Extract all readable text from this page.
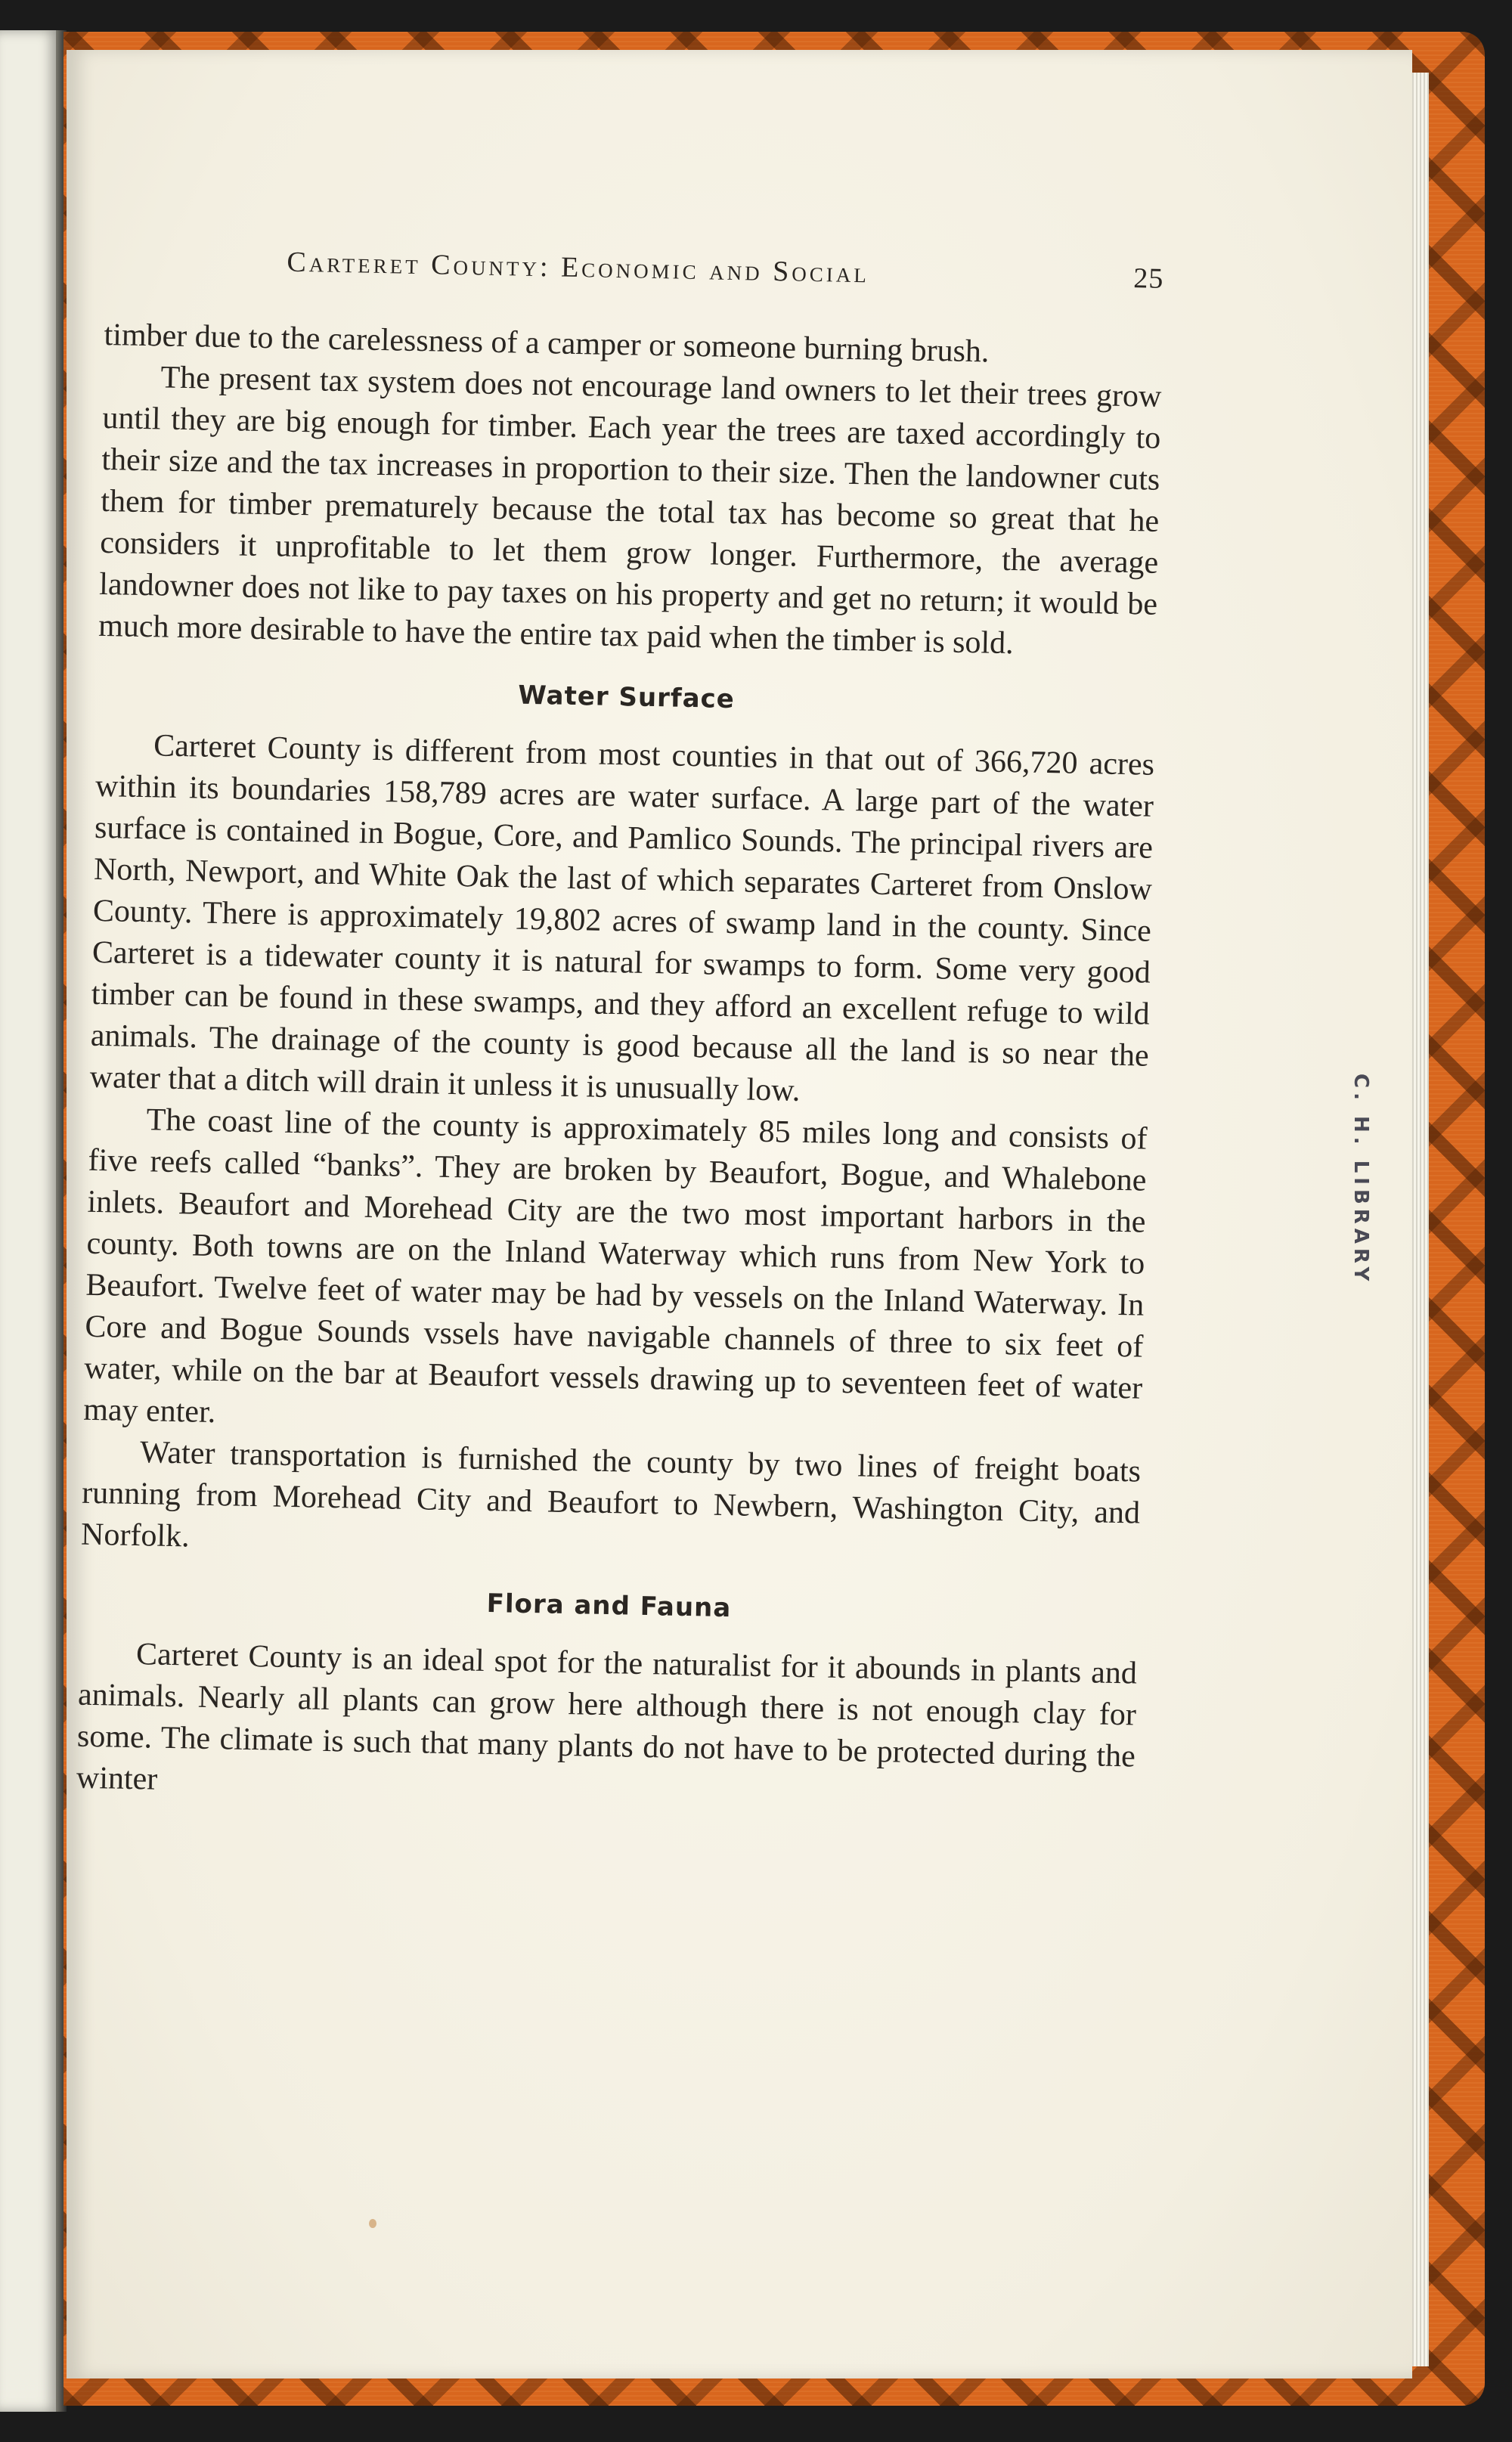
C. H. LIBRARY
Carteret County: Economic and Social	25

timber due to the carelessness of a camper or someone burning brush.

The present tax system does not encourage land owners to let their trees grow until they are big enough for timber. Each year the trees are taxed accordingly to their size and the tax increases in proportion to their size. Then the landowner cuts them for timber prematurely because the total tax has become so great that he considers it unprofitable to let them grow longer. Furthermore, the average landowner does not like to pay taxes on his property and get no return; it would be much more desirable to have the entire tax paid when the timber is sold.

Water Surface

Carteret County is different from most counties in that out of 366,720 acres within its boundaries 158,789 acres are water surface. A large part of the water surface is contained in Bogue, Core, and Pamlico Sounds. The principal rivers are North, Newport, and White Oak the last of which separates Carteret from Onslow County. There is approximately 19,802 acres of swamp land in the county. Since Carteret is a tidewater county it is natural for swamps to form. Some very good timber can be found in these swamps, and they afford an excellent refuge to wild animals. The drainage of the county is good because all the land is so near the water that a ditch will drain it unless it is unusually low.

The coast line of the county is approximately 85 miles long and consists of five reefs called “banks”. They are broken by Beaufort, Bogue, and Whalebone inlets. Beaufort and Morehead City are the two most important harbors in the county. Both towns are on the Inland Waterway which runs from New York to Beaufort. Twelve feet of water may be had by vessels on the Inland Waterway. In Core and Bogue Sounds vssels have navigable channels of three to six feet of water, while on the bar at Beaufort vessels drawing up to seventeen feet of water may enter.

Water transportation is furnished the county by two lines of freight boats running from Morehead City and Beaufort to Newbern, Washington City, and Norfolk.

Flora and Fauna

Carteret County is an ideal spot for the naturalist for it abounds in plants and animals. Nearly all plants can grow here although there is not enough clay for some. The climate is such that many plants do not have to be protected during the winter
